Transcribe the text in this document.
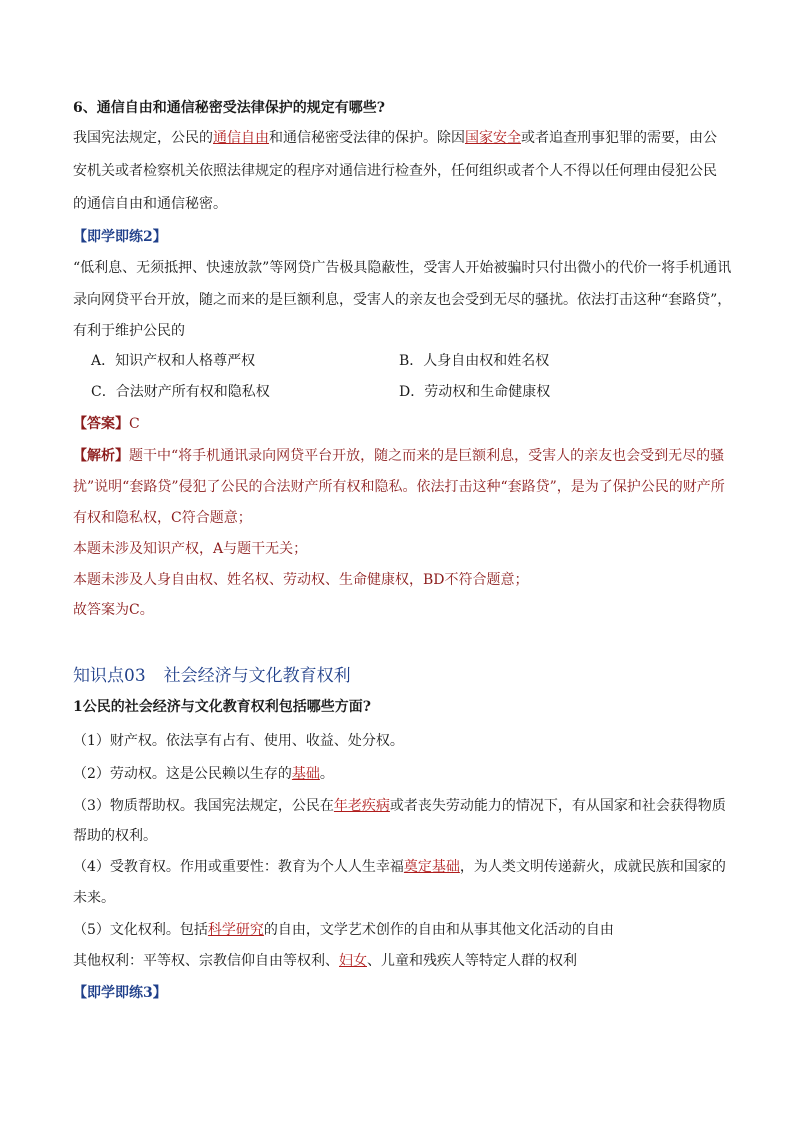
6、通信自由和通信秘密受法律保护的规定有哪些?
我国宪法规定，公民的通信自由和通信秘密受法律的保护。除因国家安全或者追查刑事犯罪的需要，由公
安机关或者检察机关依照法律规定的程序对通信进行检查外，任何组织或者个人不得以任何理由侵犯公民
的通信自由和通信秘密。
【即学即练2】
“低利息、无须抵押、快速放款”等网贷广告极具隐蔽性，受害人开始被骗时只付出微小的代价一将手机通讯
录向网贷平台开放，随之而来的是巨额利息，受害人的亲友也会受到无尽的骚扰。依法打击这种“套路贷”，
有利于维护公民的
A．知识产权和人格尊严权	B．人身自由权和姓名权
C．合法财产所有权和隐私权	D．劳动权和生命健康权
【答案】C
【解析】题干中“将手机通讯录向网贷平台开放，随之而来的是巨额利息，受害人的亲友也会受到无尽的骚
扰”说明“套路贷”侵犯了公民的合法财产所有权和隐私。依法打击这种“套路贷”，是为了保护公民的财产所
有权和隐私权，C符合题意；
本题未涉及知识产权，A与题干无关；
本题未涉及人身自由权、姓名权、劳动权、生命健康权，BD不符合题意；
故答案为C。
知识点03 社会经济与文化教育权利
1公民的社会经济与文化教育权利包括哪些方面?
（1）财产权。依法享有占有、使用、收益、处分权。
（2）劳动权。这是公民赖以生存的基础。
（3）物质帮助权。我国宪法规定，公民在年老疾病或者丧失劳动能力的情况下，有从国家和社会获得物质
帮助的权利。
（4）受教育权。作用或重要性：教育为个人人生幸福奠定基础，为人类文明传递薪火，成就民族和国家的
未来。
（5）文化权利。包括科学研究的自由，文学艺术创作的自由和从事其他文化活动的自由
其他权利：平等权、宗教信仰自由等权利、妇女、儿童和残疾人等特定人群的权利
【即学即练3】
